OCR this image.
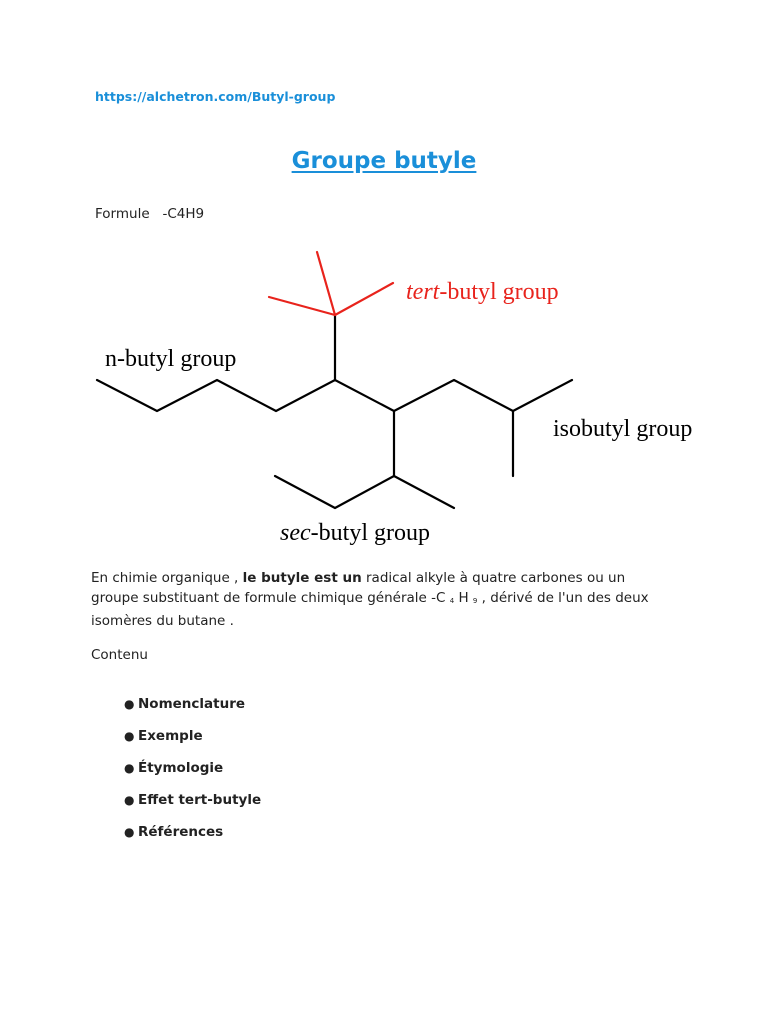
https://alchetron.com/Butyl-group
Groupe butyle
Formule -C4H9
n-butyl group
tert-butyl group
isobutyl group
sec-butyl group

En chimie organique , le butyle est un radical alkyle à quatre carbones ou un groupe substituant de formule chimique générale -C $_4$ H $_9$ , dérivé de l'un des deux isomères du butane .

Contenu
● Nomenclature
● Exemple
● Étymologie
● Effet tert-butyle
● Références
